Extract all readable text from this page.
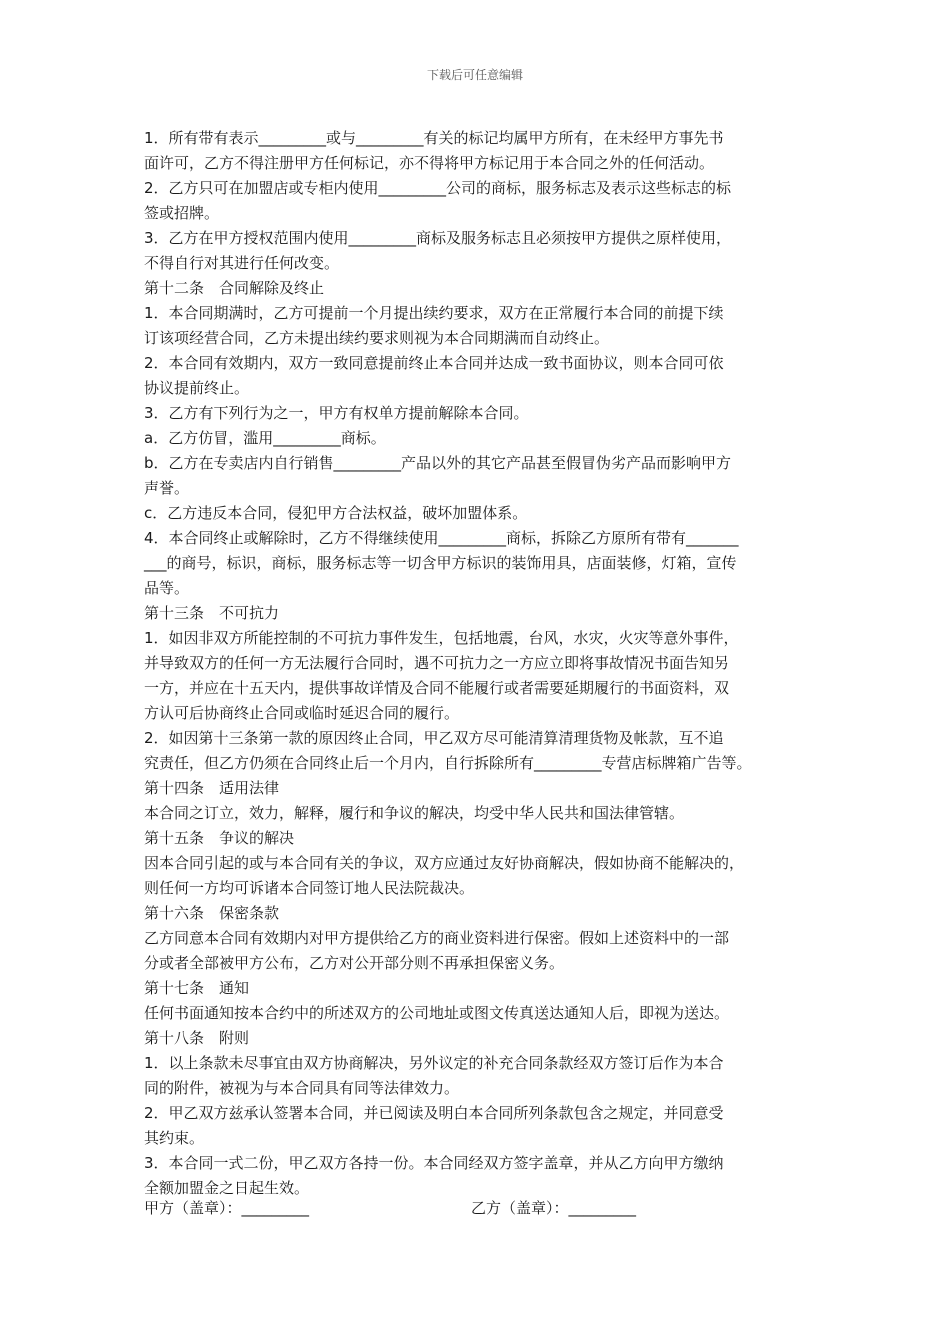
下载后可任意编辑
1．所有带有表示_________或与_________有关的标记均属甲方所有，在未经甲方事先书
面许可，乙方不得注册甲方任何标记，亦不得将甲方标记用于本合同之外的任何活动。
2．乙方只可在加盟店或专柜内使用_________公司的商标，服务标志及表示这些标志的标
签或招牌。
3．乙方在甲方授权范围内使用_________商标及服务标志且必须按甲方提供之原样使用，
不得自行对其进行任何改变。
第十二条　合同解除及终止
1．本合同期满时，乙方可提前一个月提出续约要求，双方在正常履行本合同的前提下续
订该项经营合同，乙方未提出续约要求则视为本合同期满而自动终止。
2．本合同有效期内，双方一致同意提前终止本合同并达成一致书面协议，则本合同可依
协议提前终止。
3．乙方有下列行为之一，甲方有权单方提前解除本合同。
a．乙方仿冒，滥用_________商标。
b．乙方在专卖店内自行销售_________产品以外的其它产品甚至假冒伪劣产品而影响甲方
声誉。
c．乙方违反本合同，侵犯甲方合法权益，破坏加盟体系。
4．本合同终止或解除时，乙方不得继续使用_________商标，拆除乙方原所有带有_______
___的商号，标识，商标，服务标志等一切含甲方标识的装饰用具，店面装修，灯箱，宣传
品等。
第十三条　不可抗力
1．如因非双方所能控制的不可抗力事件发生，包括地震，台风，水灾，火灾等意外事件，
并导致双方的任何一方无法履行合同时，遇不可抗力之一方应立即将事故情况书面告知另
一方，并应在十五天内，提供事故详情及合同不能履行或者需要延期履行的书面资料，双
方认可后协商终止合同或临时延迟合同的履行。
2．如因第十三条第一款的原因终止合同，甲乙双方尽可能清算清理货物及帐款，互不追
究责任，但乙方仍须在合同终止后一个月内，自行拆除所有_________专营店标牌箱广告等。
第十四条　适用法律
本合同之订立，效力，解释，履行和争议的解决，均受中华人民共和国法律管辖。
第十五条　争议的解决
因本合同引起的或与本合同有关的争议，双方应通过友好协商解决，假如协商不能解决的，
则任何一方均可诉诸本合同签订地人民法院裁决。
第十六条　保密条款
乙方同意本合同有效期内对甲方提供给乙方的商业资料进行保密。假如上述资料中的一部
分或者全部被甲方公布，乙方对公开部分则不再承担保密义务。
第十七条　通知
任何书面通知按本合约中的所述双方的公司地址或图文传真送达通知人后，即视为送达。
第十八条　附则
1．以上条款未尽事宜由双方协商解决，另外议定的补充合同条款经双方签订后作为本合
同的附件，被视为与本合同具有同等法律效力。
2．甲乙双方兹承认签署本合同，并已阅读及明白本合同所列条款包含之规定，并同意受
其约束。
3．本合同一式二份，甲乙双方各持一份。本合同经双方签字盖章，并从乙方向甲方缴纳
全额加盟金之日起生效。
甲方（盖章）：_________	乙方（盖章）：_________
